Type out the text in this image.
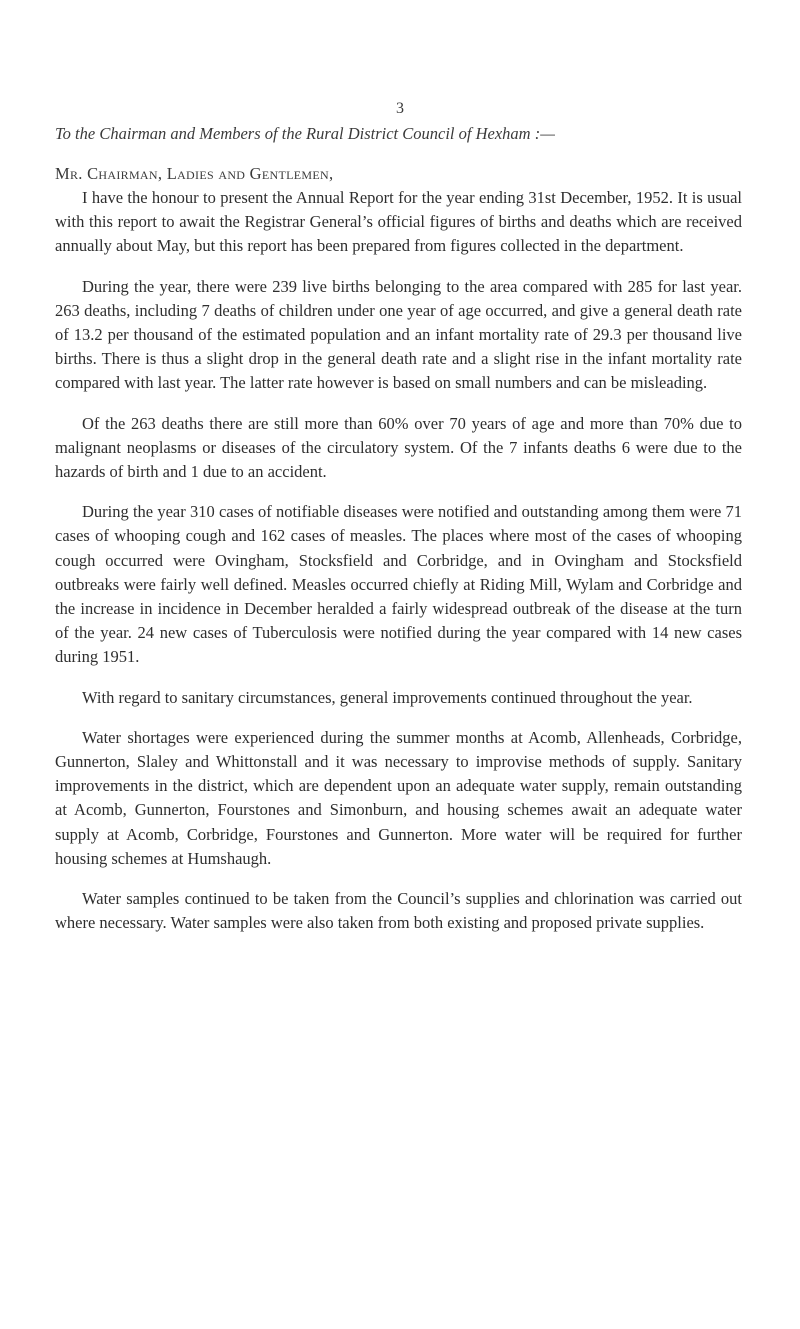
3

To the Chairman and Members of the Rural District Council of Hexham :—

Mr. Chairman, Ladies and Gentlemen,

I have the honour to present the Annual Report for the year ending 31st December, 1952. It is usual with this report to await the Registrar General’s official figures of births and deaths which are received annually about May, but this report has been prepared from figures collected in the department.

During the year, there were 239 live births belonging to the area compared with 285 for last year. 263 deaths, including 7 deaths of children under one year of age occurred, and give a general death rate of 13.2 per thousand of the estimated population and an infant mortality rate of 29.3 per thousand live births. There is thus a slight drop in the general death rate and a slight rise in the infant mortality rate compared with last year. The latter rate however is based on small numbers and can be misleading.

Of the 263 deaths there are still more than 60% over 70 years of age and more than 70% due to malignant neoplasms or diseases of the circulatory system. Of the 7 infants deaths 6 were due to the hazards of birth and 1 due to an accident.

During the year 310 cases of notifiable diseases were notified and outstanding among them were 71 cases of whooping cough and 162 cases of measles. The places where most of the cases of whooping cough occurred were Ovingham, Stocksfield and Corbridge, and in Ovingham and Stocksfield outbreaks were fairly well defined. Measles occurred chiefly at Riding Mill, Wylam and Corbridge and the increase in incidence in December heralded a fairly widespread outbreak of the disease at the turn of the year. 24 new cases of Tuberculosis were notified during the year compared with 14 new cases during 1951.

With regard to sanitary circumstances, general improvements continued throughout the year.

Water shortages were experienced during the summer months at Acomb, Allenheads, Corbridge, Gunnerton, Slaley and Whittonstall and it was necessary to improvise methods of supply. Sanitary improvements in the district, which are dependent upon an adequate water supply, remain outstanding at Acomb, Gunnerton, Fourstones and Simonburn, and housing schemes await an adequate water supply at Acomb, Corbridge, Fourstones and Gunnerton. More water will be required for further housing schemes at Humshaugh.

Water samples continued to be taken from the Council’s supplies and chlorination was carried out where necessary. Water samples were also taken from both existing and proposed private supplies.
